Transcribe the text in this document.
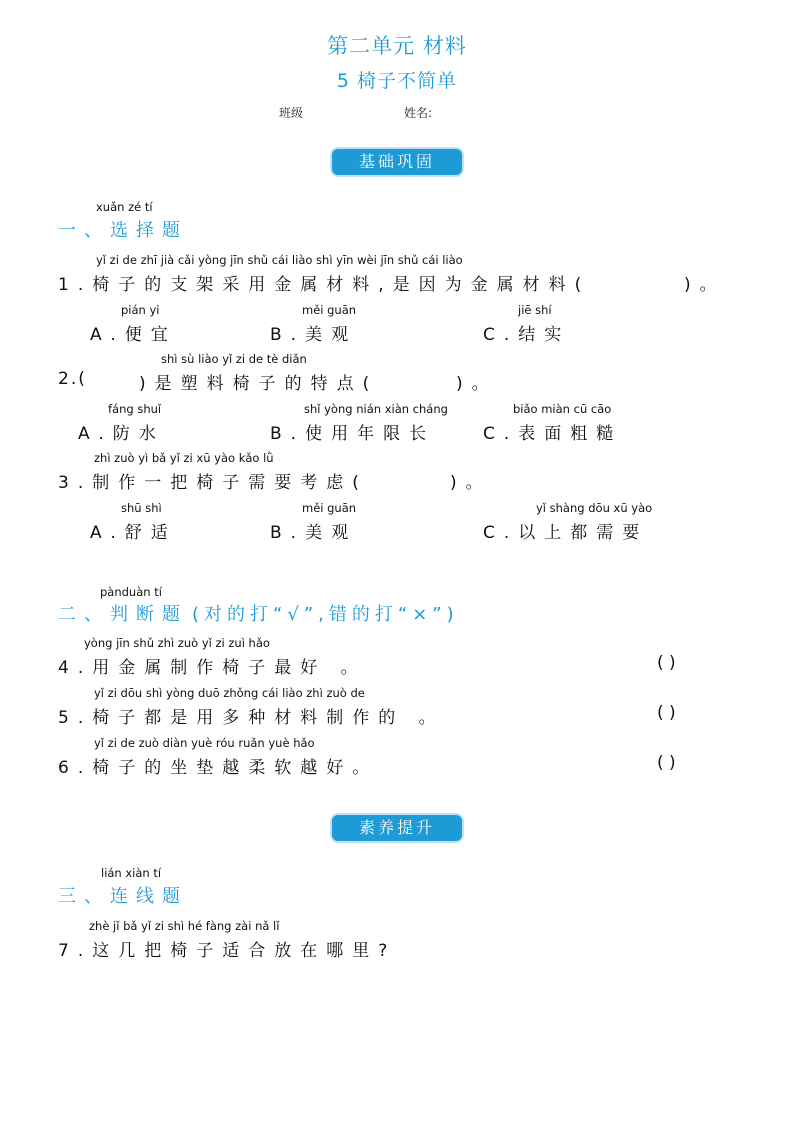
第二单元 材料
5 椅子不简单
班级	姓名:
基础巩固
xuǎn zé tí
一、选择题
yǐ zi de zhī jià cǎi yòng jīn shǔ cái liào shì yīn wèi jīn shǔ cái liào
1.椅子的支架采用金属材料,是因为金属材料(	)。
pián yi
A.便宜
měi guān
B.美观
jiē shí
C.结实
shì sù liào yǐ zi de tè diǎn
2.(	)是塑料椅子的特点(	)。
fáng shuǐ
A.防水
shǐ yòng nián xiàn cháng
B.使用年限长
biǎo miàn cū cāo
C.表面粗糙
zhì zuò yì bǎ yǐ zi xū yào kǎo lǜ
3.制作一把椅子需要考虑(	)。
shū shì
A.舒适
měi guān
B.美观
yǐ shàng dōu xū yào
C.以上都需要
pànduàn tí
二、判断题 (对的打“√”,错的打“×”)
yòng jīn shǔ zhì zuò yǐ zi zuì hǎo
4.用金属制作椅子最好 。	( )
yǐ zi dōu shì yòng duō zhǒng cái liào zhì zuò de
5.椅子都是用多种材料制作的 。	( )
yǐ zi de zuò diàn yuè róu ruǎn yuè hǎo
6.椅子的坐垫越柔软越好。	( )
素养提升
lián xiàn tí
三、连线题
zhè jǐ bǎ yǐ zi shì hé fàng zài nǎ lǐ
7.这几把椅子适合放在哪里?
